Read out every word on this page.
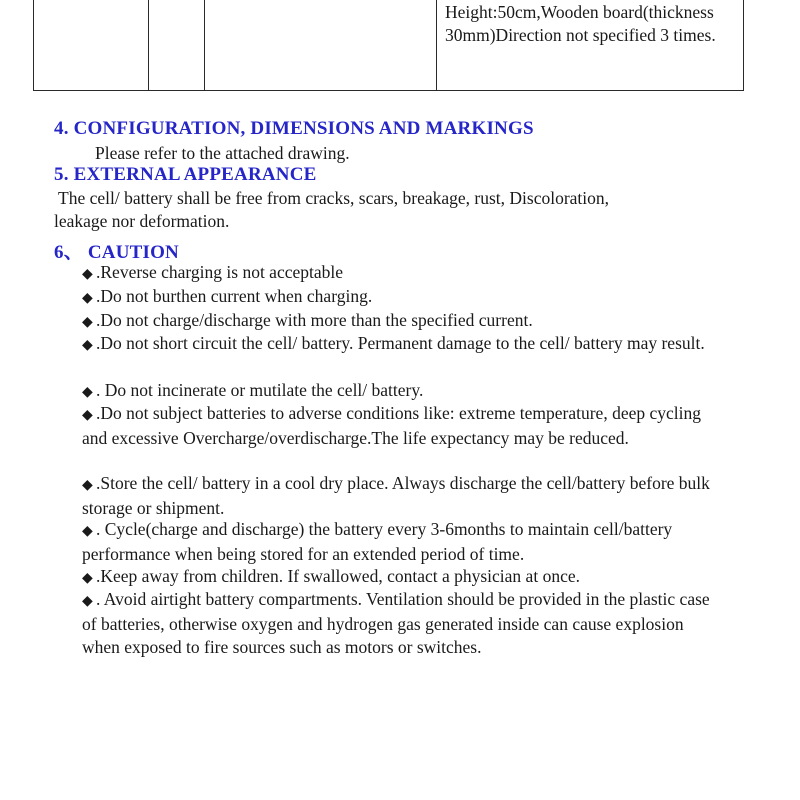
			Height:50cm,Wooden board(thickness 30mm)Direction not specified 3 times.
4. CONFIGURATION, DIMENSIONS AND MARKINGS
Please refer to the attached drawing.
5. EXTERNAL APPEARANCE
The cell/ battery shall be free from cracks, scars, breakage, rust, Discoloration,
leakage nor deformation.
6、 CAUTION
◆ .Reverse charging is not acceptable
◆ .Do not burthen current when charging.
◆ .Do not charge/discharge with more than the specified current.
◆ .Do not short circuit the cell/ battery. Permanent damage to the cell/ battery may result.
◆ . Do not incinerate or mutilate the cell/ battery.
◆ .Do not subject batteries to adverse conditions like: extreme temperature, deep cycling and excessive Overcharge/overdischarge.The life expectancy may be reduced.
◆ .Store the cell/ battery in a cool dry place. Always discharge the cell/battery before bulk storage or shipment.
◆ . Cycle(charge and discharge) the battery every 3-6months to maintain cell/battery performance when being stored for an extended period of time.
◆ .Keep away from children. If swallowed, contact a physician at once.
◆ . Avoid airtight battery compartments. Ventilation should be provided in the plastic case of batteries, otherwise oxygen and hydrogen gas generated inside can cause explosion when exposed to fire sources such as motors or switches.
